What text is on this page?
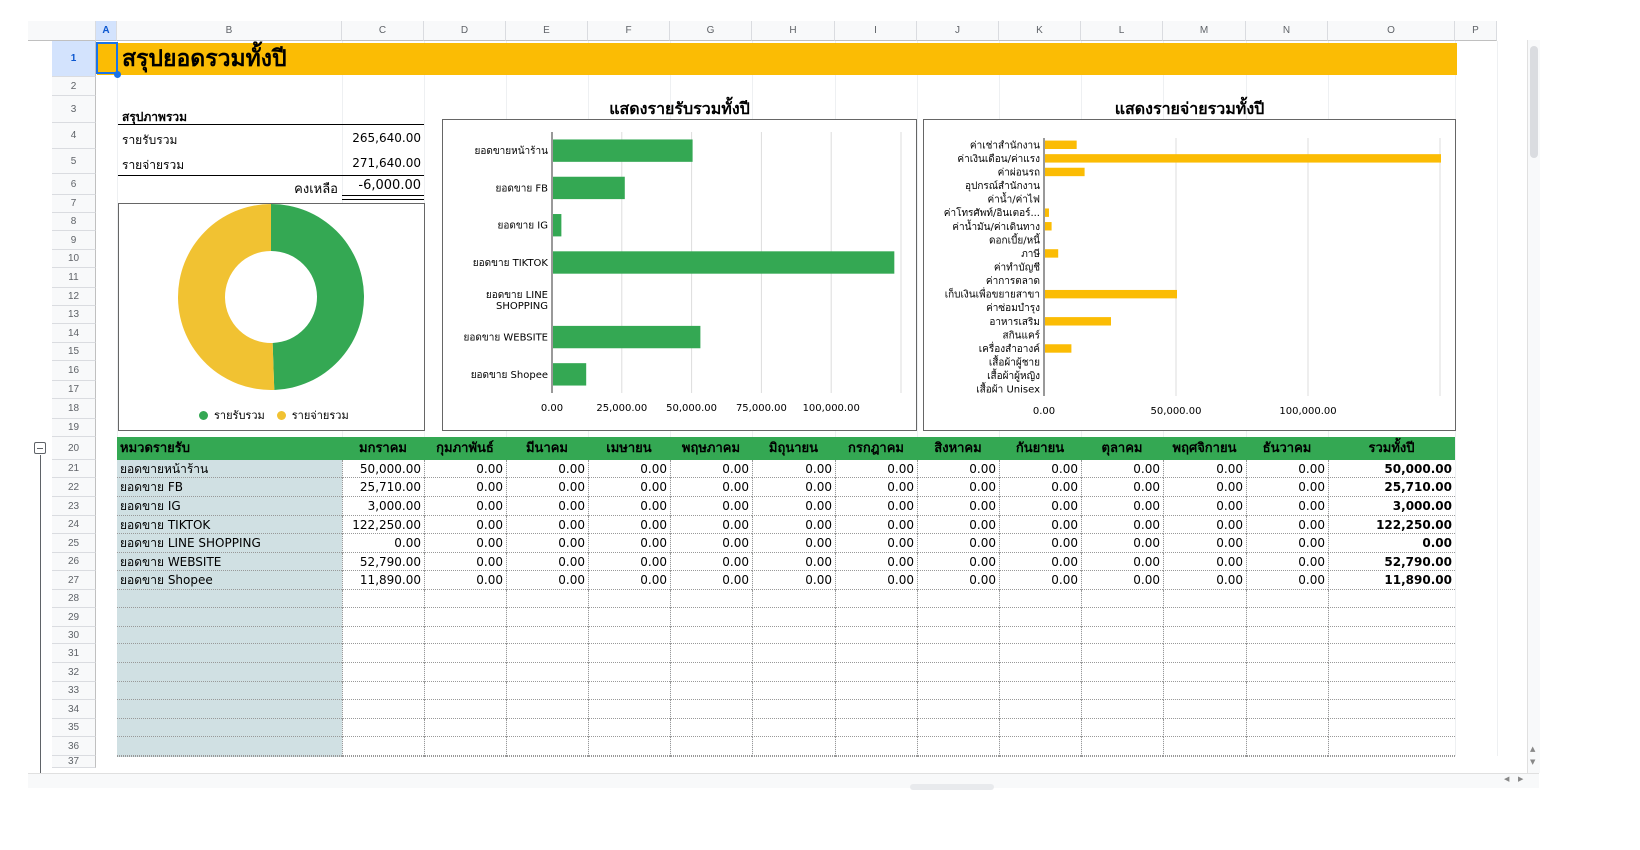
A	B	C	D	E	F	G	H	I	J	K	L	M	N	O	P
1
2
3
4
5
6
7
8
9
10
11
12
13
14
15
16
17
18
19
20
21
22
23
24
25
26
27
28
29
30
31
32
33
34
35
36
37
สรุปยอดรวมทั้งปี
สรุปภาพรวม
รายรับรวม	265,640.00
รายจ่ายรวม	271,640.00
คงเหลือ	-6,000.00
รายรับรวม รายจ่ายรวม
แสดงรายรับรวมทั้งปี
0.00	25,000.00 50,000.00 75,000.00 100,000.00
ยอดขายหน้าร้าน
ยอดขาย FB
ยอดขาย IG
ยอดขาย TIKTOK
ยอดขาย LINE SHOPPING
ยอดขาย WEBSITE
ยอดขาย Shopee
แสดงรายจ่ายรวมทั้งปี
0.00	50,000.00	100,000.00
ค่าเช่าสำนักงาน
ค่าเงินเดือน/ค่าแรง
ค่าผ่อนรถ
อุปกรณ์สำนักงาน
ค่าน้ำ/ค่าไฟ
ค่าโทรศัพท์/อินเตอร์...
ค่าน้ำมัน/ค่าเดินทาง
ดอกเบี้ย/หนี้
ภาษี
ค่าทำบัญชี
ค่าการตลาด
เก็บเงินเพื่อขยายสาขา
ค่าซ่อมบำรุง
อาหารเสริม
สกินแคร์
เครื่องสำอางค์
เสื้อผ้าผู้ชาย
เสื้อผ้าผู้หญิง
เสื้อผ้า Unisex
หมวดรายรับ	มกราคม	กุมภาพันธ์	มีนาคม	เมษายน	พฤษภาคม	มิถุนายน	กรกฎาคม	สิงหาคม	กันยายน	ตุลาคม	พฤศจิกายน	ธันวาคม	รวมทั้งปี
ยอดขายหน้าร้าน	50,000.00	0.00	0.00	0.00	0.00	0.00	0.00	0.00	0.00	0.00	0.00	0.00	50,000.00
ยอดขาย FB	25,710.00	0.00	0.00	0.00	0.00	0.00	0.00	0.00	0.00	0.00	0.00	0.00	25,710.00
ยอดขาย IG	3,000.00	0.00	0.00	0.00	0.00	0.00	0.00	0.00	0.00	0.00	0.00	0.00	3,000.00
ยอดขาย TIKTOK	122,250.00	0.00	0.00	0.00	0.00	0.00	0.00	0.00	0.00	0.00	0.00	0.00	122,250.00
ยอดขาย LINE SHOPPING	0.00	0.00	0.00	0.00	0.00	0.00	0.00	0.00	0.00	0.00	0.00	0.00	0.00
ยอดขาย WEBSITE	52,790.00	0.00	0.00	0.00	0.00	0.00	0.00	0.00	0.00	0.00	0.00	0.00	52,790.00
ยอดขาย Shopee	11,890.00	0.00	0.00	0.00	0.00	0.00	0.00	0.00	0.00	0.00	0.00	0.00	11,890.00
▲
▼
◀ ▶
